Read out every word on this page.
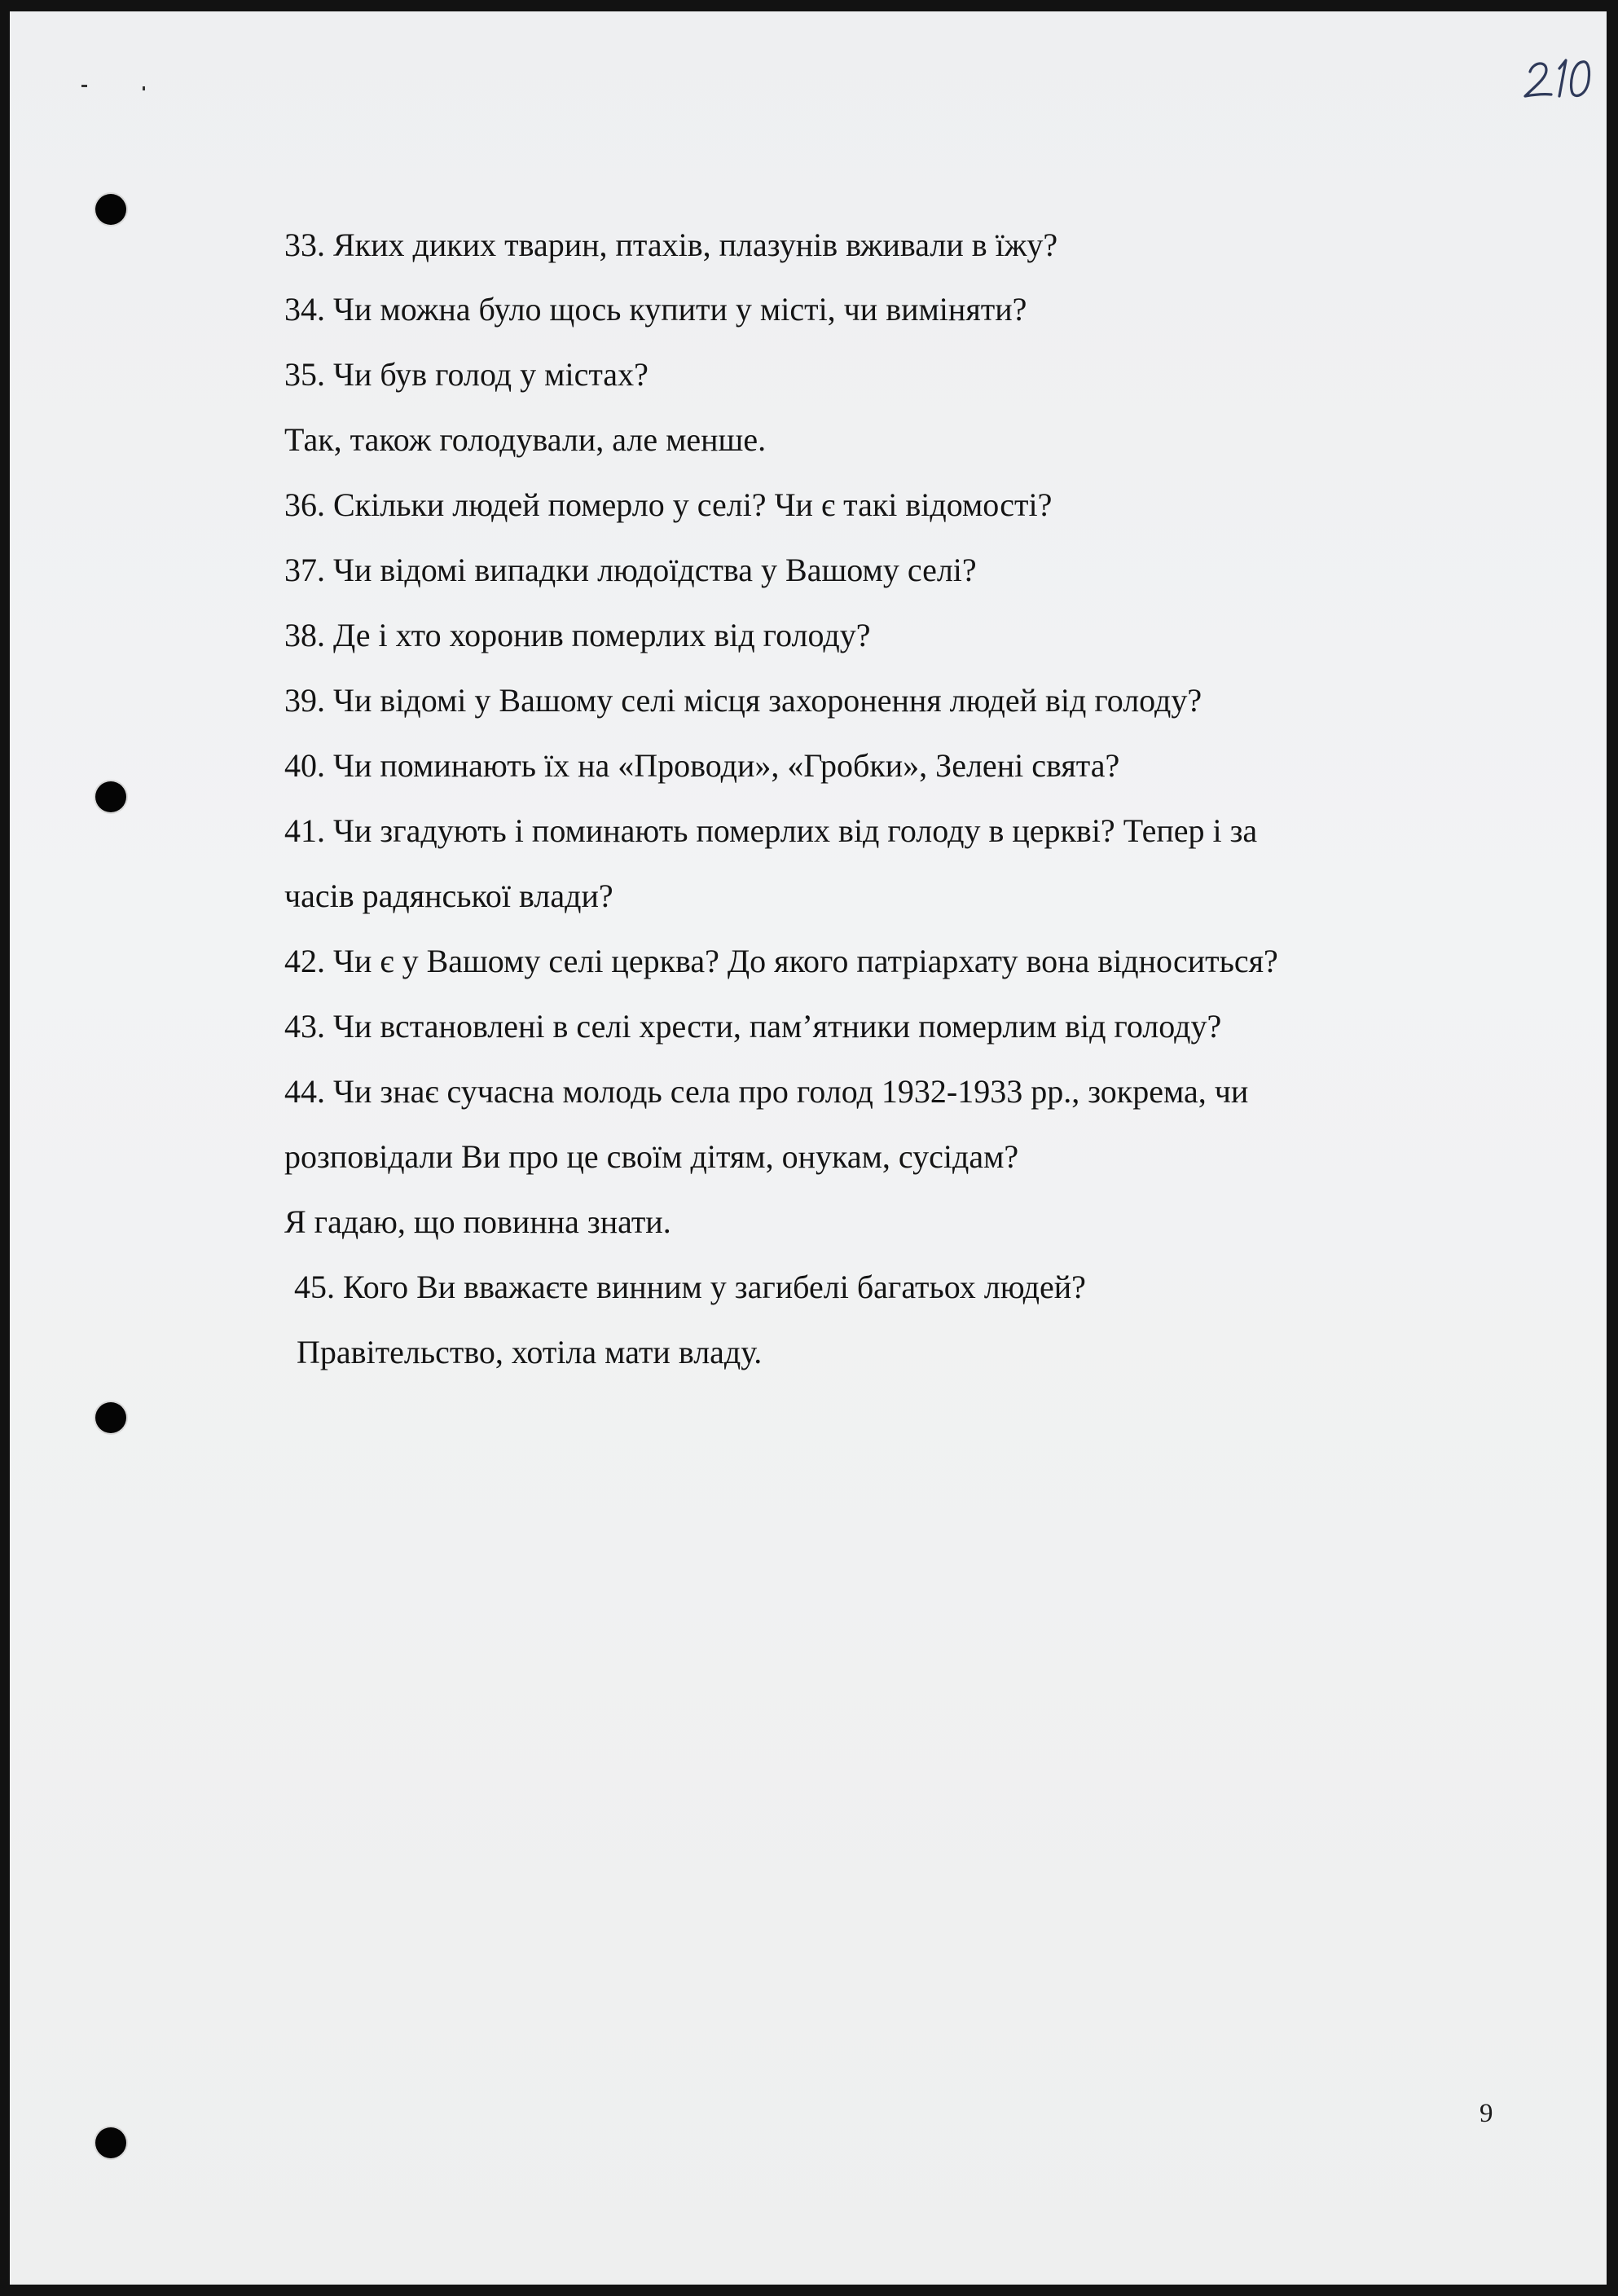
33. Яких диких тварин, птахів, плазунів вживали в їжу?
34. Чи можна було щось купити у місті, чи виміняти?
35. Чи був голод у містах?
Так, також голодували, але менше.
36. Скільки людей померло у селі? Чи є такі відомості?
37. Чи відомі випадки людоїдства у Вашому селі?
38. Де і хто хоронив померлих від голоду?
39. Чи відомі у Вашому селі місця захоронення людей від голоду?
40. Чи поминають їх на «Проводи», «Гробки», Зелені свята?
41. Чи згадують і поминають померлих від голоду в церкві? Тепер і за
часів радянської влади?
42. Чи є у Вашому селі церква? До якого патріархату вона відноситься?
43. Чи встановлені в селі хрести, пам’ятники померлим від голоду?
44. Чи знає сучасна молодь села про голод 1932-1933 рр., зокрема, чи
розповідали Ви про це своїм дітям, онукам, сусідам?
Я гадаю, що повинна знати.
45. Кого Ви вважаєте винним у загибелі багатьох людей?
Правітельство, хотіла мати владу.
9
